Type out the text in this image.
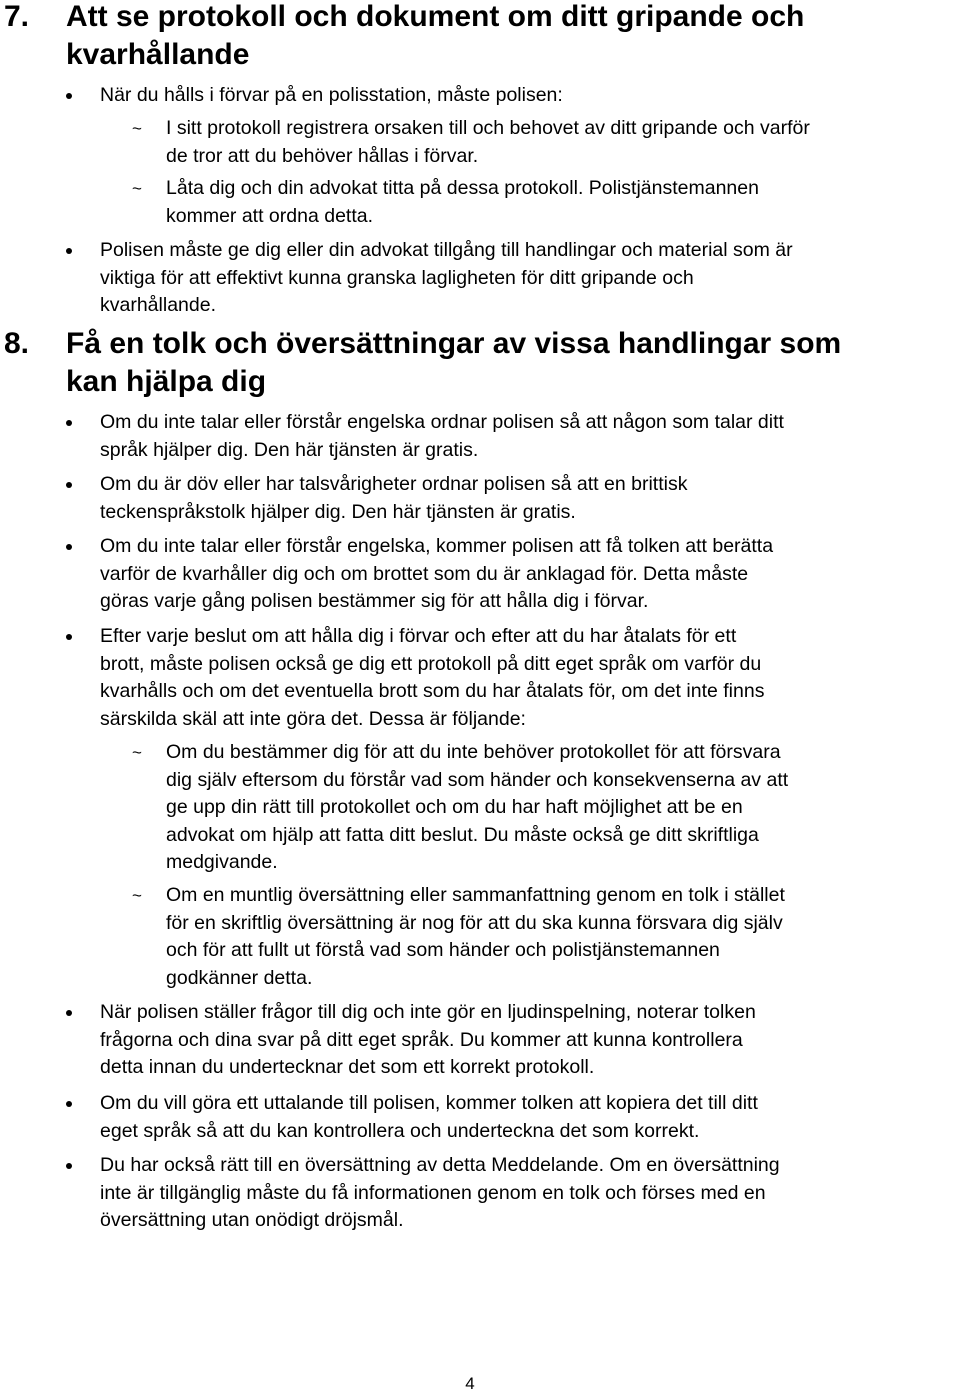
7. Att se protokoll och dokument om ditt gripande och
kvarhållande
När du hålls i förvar på en polisstation, måste polisen:
~ I sitt protokoll registrera orsaken till och behovet av ditt gripande och varför
de tror att du behöver hållas i förvar.
~ Låta dig och din advokat titta på dessa protokoll. Polistjänstemannen
kommer att ordna detta.
Polisen måste ge dig eller din advokat tillgång till handlingar och material som är
viktiga för att effektivt kunna granska lagligheten för ditt gripande och
kvarhållande.
8. Få en tolk och översättningar av vissa handlingar som
kan hjälpa dig
Om du inte talar eller förstår engelska ordnar polisen så att någon som talar ditt
språk hjälper dig. Den här tjänsten är gratis.
Om du är döv eller har talsvårigheter ordnar polisen så att en brittisk
teckenspråkstolk hjälper dig. Den här tjänsten är gratis.
Om du inte talar eller förstår engelska, kommer polisen att få tolken att berätta
varför de kvarhåller dig och om brottet som du är anklagad för. Detta måste
göras varje gång polisen bestämmer sig för att hålla dig i förvar.
Efter varje beslut om att hålla dig i förvar och efter att du har åtalats för ett
brott, måste polisen också ge dig ett protokoll på ditt eget språk om varför du
kvarhålls och om det eventuella brott som du har åtalats för, om det inte finns
särskilda skäl att inte göra det. Dessa är följande:
~ Om du bestämmer dig för att du inte behöver protokollet för att försvara
dig själv eftersom du förstår vad som händer och konsekvenserna av att
ge upp din rätt till protokollet och om du har haft möjlighet att be en
advokat om hjälp att fatta ditt beslut. Du måste också ge ditt skriftliga
medgivande.
~ Om en muntlig översättning eller sammanfattning genom en tolk i stället
för en skriftlig översättning är nog för att du ska kunna försvara dig själv
och för att fullt ut förstå vad som händer och polistjänstemannen
godkänner detta.
När polisen ställer frågor till dig och inte gör en ljudinspelning, noterar tolken
frågorna och dina svar på ditt eget språk. Du kommer att kunna kontrollera
detta innan du undertecknar det som ett korrekt protokoll.
Om du vill göra ett uttalande till polisen, kommer tolken att kopiera det till ditt
eget språk så att du kan kontrollera och underteckna det som korrekt.
Du har också rätt till en översättning av detta Meddelande. Om en översättning
inte är tillgänglig måste du få informationen genom en tolk och förses med en
översättning utan onödigt dröjsmål.
4
